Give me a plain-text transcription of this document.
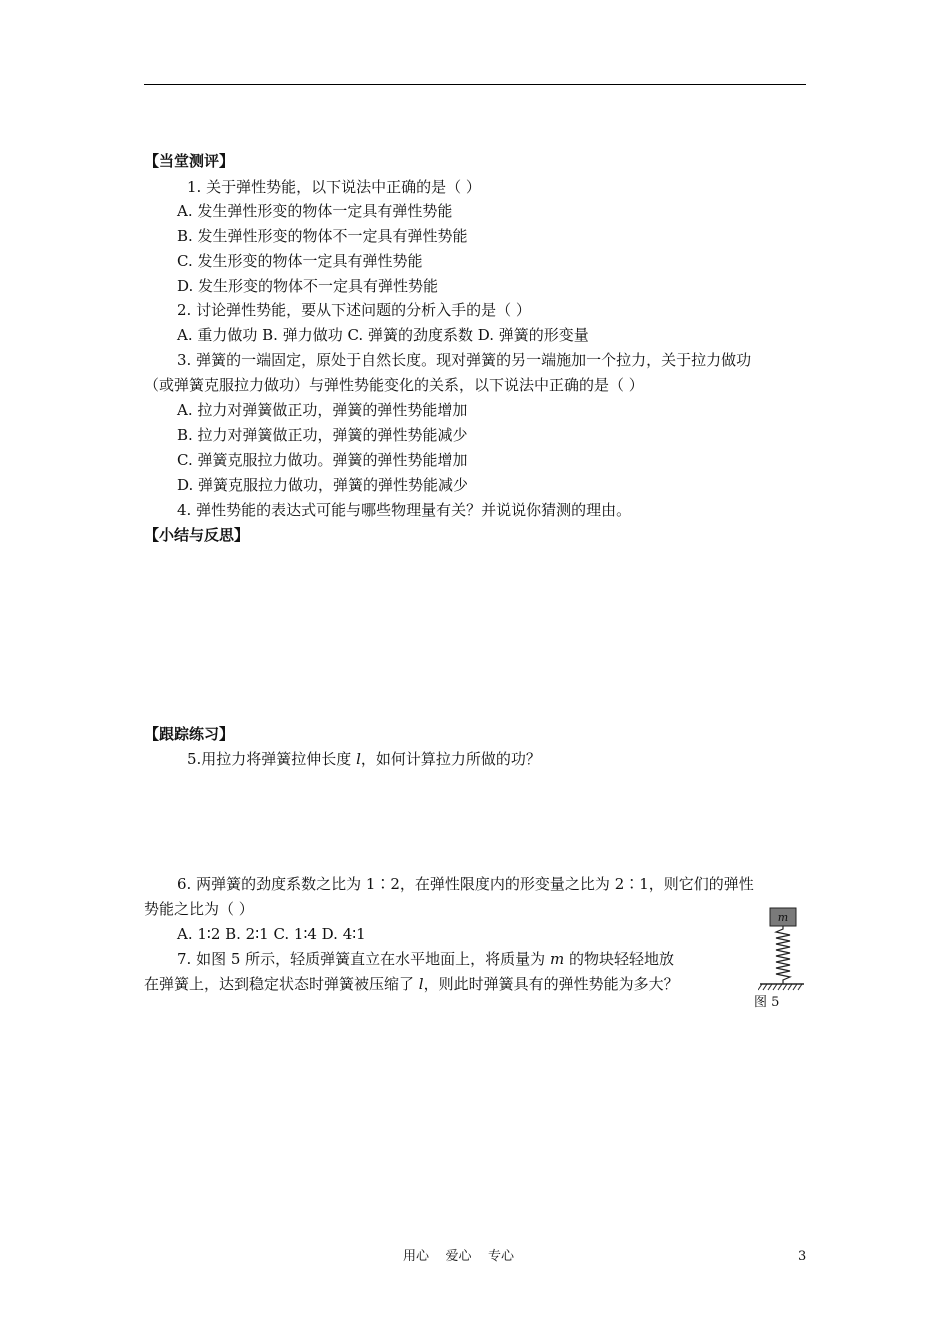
【当堂测评】
1. 关于弹性势能，以下说法中正确的是（ ）
A. 发生弹性形变的物体一定具有弹性势能
B. 发生弹性形变的物体不一定具有弹性势能
C. 发生形变的物体一定具有弹性势能
D. 发生形变的物体不一定具有弹性势能
2. 讨论弹性势能，要从下述问题的分析入手的是（ ）
A. 重力做功 B. 弹力做功 C. 弹簧的劲度系数 D. 弹簧的形变量
3. 弹簧的一端固定，原处于自然长度。现对弹簧的另一端施加一个拉力，关于拉力做功
（或弹簧克服拉力做功）与弹性势能变化的关系，以下说法中正确的是（ ）
A. 拉力对弹簧做正功，弹簧的弹性势能增加
B. 拉力对弹簧做正功，弹簧的弹性势能减少
C. 弹簧克服拉力做功。弹簧的弹性势能增加
D. 弹簧克服拉力做功，弹簧的弹性势能减少
4. 弹性势能的表达式可能与哪些物理量有关？并说说你猜测的理由。
【小结与反思】
【跟踪练习】
5.用拉力将弹簧拉伸长度 l，如何计算拉力所做的功？
6. 两弹簧的劲度系数之比为 1∶2，在弹性限度内的形变量之比为 2∶1，则它们的弹性
势能之比为（ ）
A. 1∶2 B. 2∶1 C. 1∶4 D. 4∶1
7. 如图 5 所示，轻质弹簧直立在水平地面上，将质量为 m 的物块轻轻地放
在弹簧上，达到稳定状态时弹簧被压缩了 l，则此时弹簧具有的弹性势能为多大？
m
图 5
用心    爱心    专心	3
